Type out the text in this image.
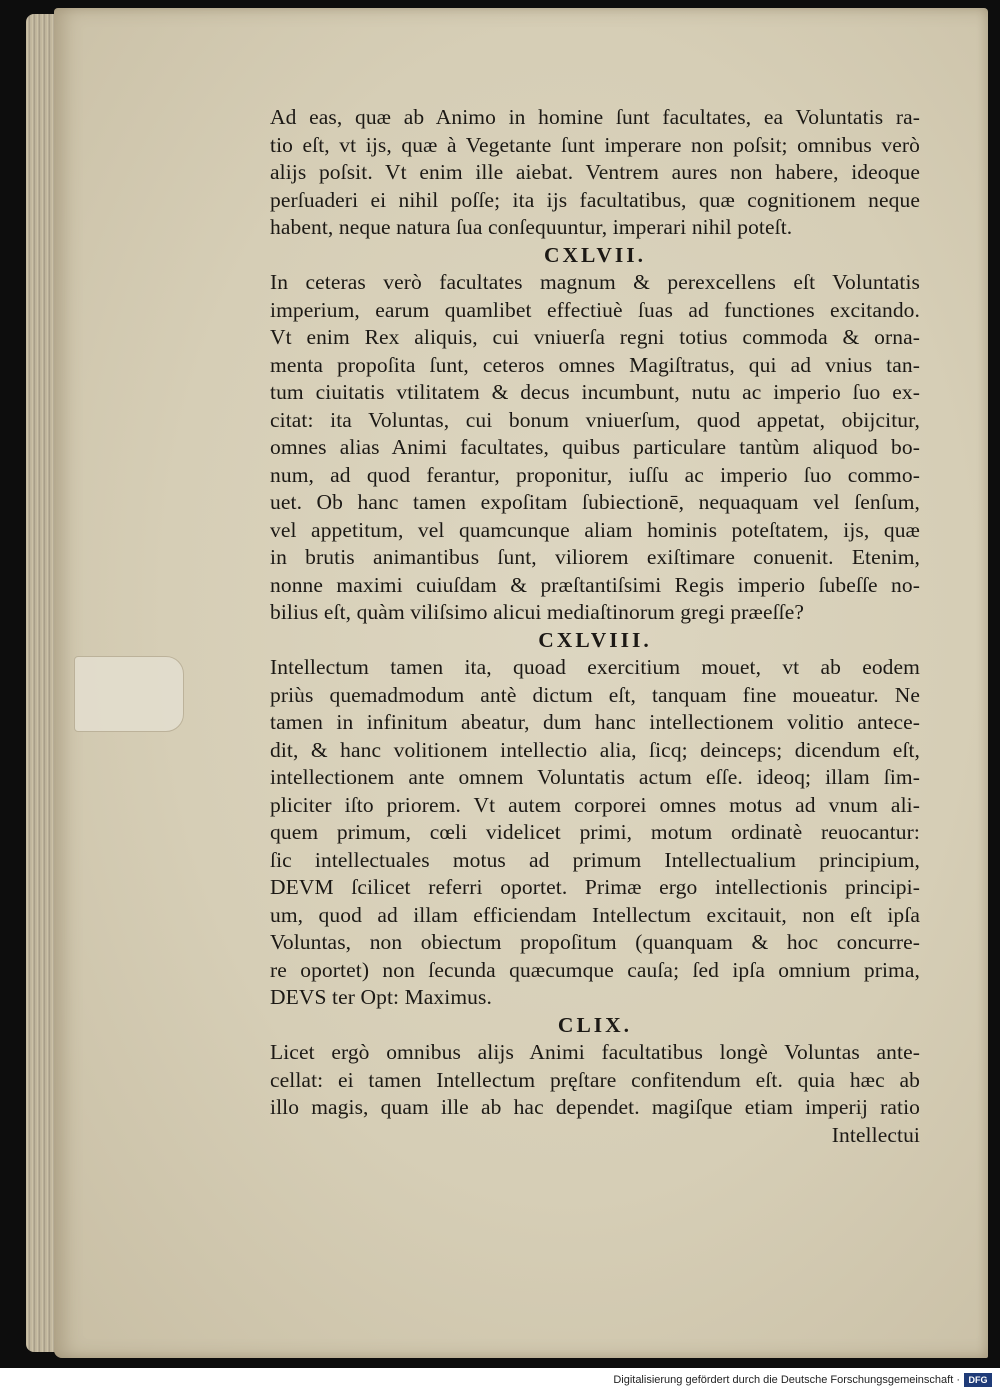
Ad eas, quæ ab Animo in homine ſunt facultates, ea Voluntatis ra-
tio eſt, vt ijs, quæ à Vegetante ſunt imperare non poſsit; omnibus verò
alijs poſsit. Vt enim ille aiebat. Ventrem aures non habere, ideoque
perſuaderi ei nihil poſſe; ita ijs facultatibus, quæ cognitionem neque
habent, neque natura ſua conſequuntur, imperari nihil poteſt.
CXLVII.
In ceteras verò facultates magnum & perexcellens eſt Voluntatis
imperium, earum quamlibet effectiuè ſuas ad functiones excitando.
Vt enim Rex aliquis, cui vniuerſa regni totius commoda & orna-
menta propoſita ſunt, ceteros omnes Magiſtratus, qui ad vnius tan-
tum ciuitatis vtilitatem & decus incumbunt, nutu ac imperio ſuo ex-
citat: ita Voluntas, cui bonum vniuerſum, quod appetat, obijcitur,
omnes alias Animi facultates, quibus particulare tantùm aliquod bo-
num, ad quod ferantur, proponitur, iuſſu ac imperio ſuo commo-
uet. Ob hanc tamen expoſitam ſubiectionē, nequaquam vel ſenſum,
vel appetitum, vel quamcunque aliam hominis poteſtatem, ijs, quæ
in brutis animantibus ſunt, viliorem exiſtimare conuenit. Etenim,
nonne maximi cuiuſdam & præſtantiſsimi Regis imperio ſubeſſe no-
bilius eſt, quàm viliſsimo alicui mediaſtinorum gregi præeſſe?
CXLVIII.
Intellectum tamen ita, quoad exercitium mouet, vt ab eodem
priùs quemadmodum antè dictum eſt, tanquam fine moueatur. Ne
tamen in infinitum abeatur, dum hanc intellectionem volitio antece-
dit, & hanc volitionem intellectio alia, ſicq; deinceps; dicendum eſt,
intellectionem ante omnem Voluntatis actum eſſe. ideoq; illam ſim-
pliciter iſto priorem. Vt autem corporei omnes motus ad vnum ali-
quem primum, cœli videlicet primi, motum ordinatè reuocantur:
ſic intellectuales motus ad primum Intellectualium principium,
DEVM ſcilicet referri oportet. Primæ ergo intellectionis principi-
um, quod ad illam efficiendam Intellectum excitauit, non eſt ipſa
Voluntas, non obiectum propoſitum (quanquam & hoc concurre-
re oportet) non ſecunda quæcumque cauſa; ſed ipſa omnium prima,
DEVS ter Opt: Maximus.
CLIX.
Licet ergò omnibus alijs Animi facultatibus longè Voluntas ante-
cellat: ei tamen Intellectum pręſtare confitendum eſt. quia hæc ab
illo magis, quam ille ab hac dependet. magiſque etiam imperij ratio
Intellectui
Digitalisierung gefördert durch die Deutsche Forschungsgemeinschaft · DFG
